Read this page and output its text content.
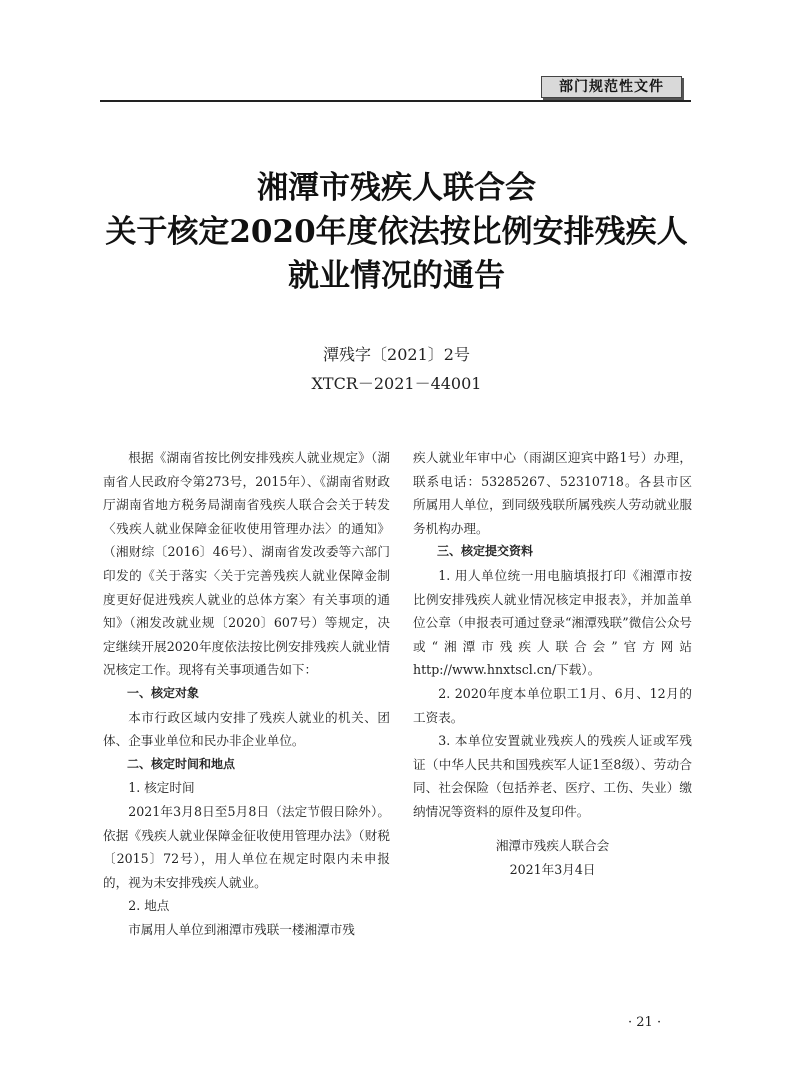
部门规范性文件
湘潭市残疾人联合会
关于核定2020年度依法按比例安排残疾人
就业情况的通告
潭残字〔2021〕2号
XTCR－2021－44001

根据《湖南省按比例安排残疾人就业规定》（湖南省人民政府令第273号，2015年）、《湖南省财政厅湖南省地方税务局湖南省残疾人联合会关于转发〈残疾人就业保障金征收使用管理办法〉的通知》（湘财综〔2016〕46号）、湖南省发改委等六部门印发的《关于落实〈关于完善残疾人就业保障金制度更好促进残疾人就业的总体方案〉有关事项的通知》（湘发改就业规〔2020〕607号）等规定，决定继续开展2020年度依法按比例安排残疾人就业情况核定工作。现将有关事项通告如下：

一、核定对象

本市行政区域内安排了残疾人就业的机关、团体、企事业单位和民办非企业单位。

二、核定时间和地点

1. 核定时间

2021年3月8日至5月8日（法定节假日除外）。依据《残疾人就业保障金征收使用管理办法》（财税〔2015〕72号），用人单位在规定时限内未申报的，视为未安排残疾人就业。

2. 地点

市属用人单位到湘潭市残联一楼湘潭市残

疾人就业年审中心（雨湖区迎宾中路1号）办理，联系电话：53285267、52310718。各县市区所属用人单位，到同级残联所属残疾人劳动就业服务机构办理。

三、核定提交资料

1. 用人单位统一用电脑填报打印《湘潭市按比例安排残疾人就业情况核定申报表》，并加盖单位公章（申报表可通过登录“湘潭残联”微信公众号或“湘潭市残疾人联合会”官方网站http://www.hnxtscl.cn/下载）。

2. 2020年度本单位职工1月、6月、12月的工资表。

3. 本单位安置就业残疾人的残疾人证或军残证（中华人民共和国残疾军人证1至8级）、劳动合同、社会保险（包括养老、医疗、工伤、失业）缴纳情况等资料的原件及复印件。

湘潭市残疾人联合会
2021年3月4日
· 21 ·
